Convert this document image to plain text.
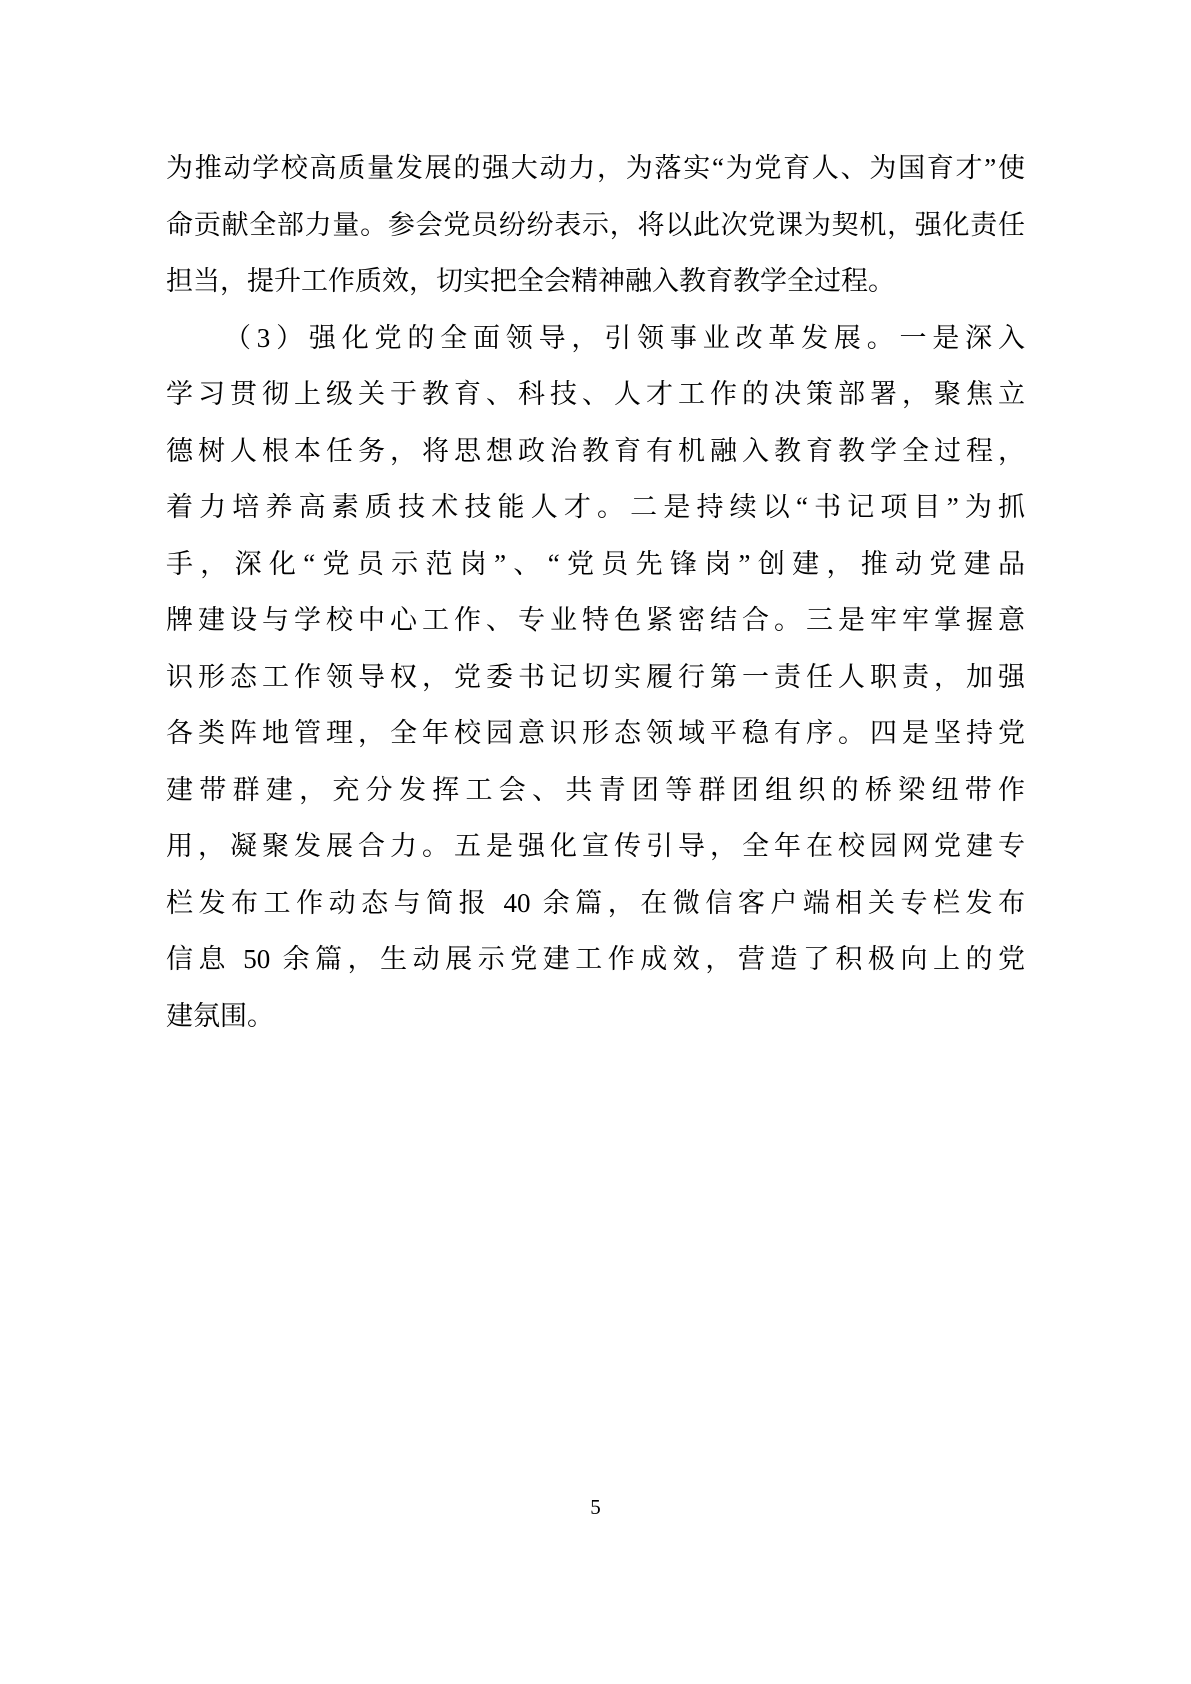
为推动学校高质量发展的强大动力，为落实“为党育人、为国育才”使
命贡献全部力量。参会党员纷纷表示，将以此次党课为契机，强化责任
担当，提升工作质效，切实把全会精神融入教育教学全过程。
（3）强化党的全面领导，引领事业改革发展。一是深入
学习贯彻上级关于教育、科技、人才工作的决策部署，聚焦立
德树人根本任务，将思想政治教育有机融入教育教学全过程，
着力培养高素质技术技能人才。二是持续以“书记项目”为抓
手，深化“党员示范岗”、“党员先锋岗”创建，推动党建品
牌建设与学校中心工作、专业特色紧密结合。三是牢牢掌握意
识形态工作领导权，党委书记切实履行第一责任人职责，加强
各类阵地管理，全年校园意识形态领域平稳有序。四是坚持党
建带群建，充分发挥工会、共青团等群团组织的桥梁纽带作
用，凝聚发展合力。五是强化宣传引导，全年在校园网党建专
栏发布工作动态与简报 40 余篇，在微信客户端相关专栏发布
信息 50 余篇，生动展示党建工作成效，营造了积极向上的党
建氛围。
5
